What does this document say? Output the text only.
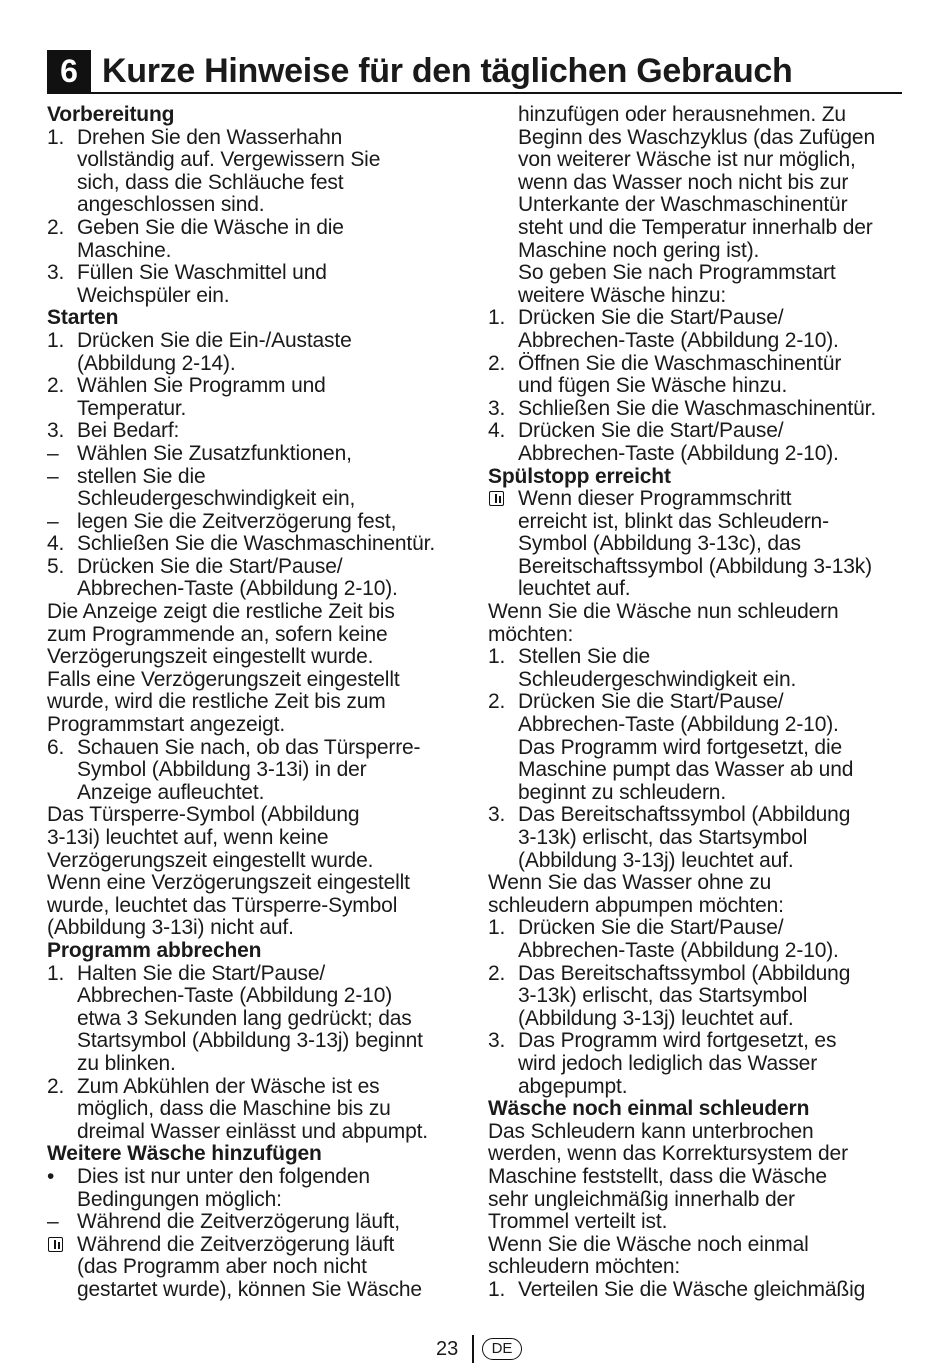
6 Kurze Hinweise für den täglichen Gebrauch
Vorbereitung
1. Drehen Sie den Wasserhahn
vollständig auf. Vergewissern Sie
sich, dass die Schläuche fest
angeschlossen sind.
2. Geben Sie die Wäsche in die
Maschine.
3. Füllen Sie Waschmittel und
Weichspüler ein.
Starten
1. Drücken Sie die Ein-/Austaste
(Abbildung 2-14).
2. Wählen Sie Programm und
Temperatur.
3. Bei Bedarf:
– Wählen Sie Zusatzfunktionen,
– stellen Sie die
Schleudergeschwindigkeit ein,
– legen Sie die Zeitverzögerung fest,
4. Schließen Sie die Waschmaschinentür.
5. Drücken Sie die Start/Pause/
Abbrechen-Taste (Abbildung 2-10).
Die Anzeige zeigt die restliche Zeit bis
zum Programmende an, sofern keine
Verzögerungszeit eingestellt wurde.
Falls eine Verzögerungszeit eingestellt
wurde, wird die restliche Zeit bis zum
Programmstart angezeigt.
6. Schauen Sie nach, ob das Türsperre-
Symbol (Abbildung 3-13i) in der
Anzeige aufleuchtet.
Das Türsperre-Symbol (Abbildung
3-13i) leuchtet auf, wenn keine
Verzögerungszeit eingestellt wurde.
Wenn eine Verzögerungszeit eingestellt
wurde, leuchtet das Türsperre-Symbol
(Abbildung 3-13i) nicht auf.
Programm abbrechen
1. Halten Sie die Start/Pause/
Abbrechen-Taste (Abbildung 2-10)
etwa 3 Sekunden lang gedrückt; das
Startsymbol (Abbildung 3-13j) beginnt
zu blinken.
2. Zum Abkühlen der Wäsche ist es
möglich, dass die Maschine bis zu
dreimal Wasser einlässt und abpumpt.
Weitere Wäsche hinzufügen
• Dies ist nur unter den folgenden
Bedingungen möglich:
– Während die Zeitverzögerung läuft,
Während die Zeitverzögerung läuft
(das Programm aber noch nicht
gestartet wurde), können Sie Wäsche
hinzufügen oder herausnehmen. Zu
Beginn des Waschzyklus (das Zufügen
von weiterer Wäsche ist nur möglich,
wenn das Wasser noch nicht bis zur
Unterkante der Waschmaschinentür
steht und die Temperatur innerhalb der
Maschine noch gering ist).
So geben Sie nach Programmstart
weitere Wäsche hinzu:
1. Drücken Sie die Start/Pause/
Abbrechen-Taste (Abbildung 2-10).
2. Öffnen Sie die Waschmaschinentür
und fügen Sie Wäsche hinzu.
3. Schließen Sie die Waschmaschinentür.
4. Drücken Sie die Start/Pause/
Abbrechen-Taste (Abbildung 2-10).
Spülstopp erreicht
Wenn dieser Programmschritt
erreicht ist, blinkt das Schleudern-
Symbol (Abbildung 3-13c), das
Bereitschaftssymbol (Abbildung 3-13k)
leuchtet auf.
Wenn Sie die Wäsche nun schleudern
möchten:
1. Stellen Sie die
Schleudergeschwindigkeit ein.
2. Drücken Sie die Start/Pause/
Abbrechen-Taste (Abbildung 2-10).
Das Programm wird fortgesetzt, die
Maschine pumpt das Wasser ab und
beginnt zu schleudern.
3. Das Bereitschaftssymbol (Abbildung
3-13k) erlischt, das Startsymbol
(Abbildung 3-13j) leuchtet auf.
Wenn Sie das Wasser ohne zu
schleudern abpumpen möchten:
1. Drücken Sie die Start/Pause/
Abbrechen-Taste (Abbildung 2-10).
2. Das Bereitschaftssymbol (Abbildung
3-13k) erlischt, das Startsymbol
(Abbildung 3-13j) leuchtet auf.
3. Das Programm wird fortgesetzt, es
wird jedoch lediglich das Wasser
abgepumpt.
Wäsche noch einmal schleudern
Das Schleudern kann unterbrochen
werden, wenn das Korrektursystem der
Maschine feststellt, dass die Wäsche
sehr ungleichmäßig innerhalb der
Trommel verteilt ist.
Wenn Sie die Wäsche noch einmal
schleudern möchten:
1. Verteilen Sie die Wäsche gleichmäßig
23	DE
